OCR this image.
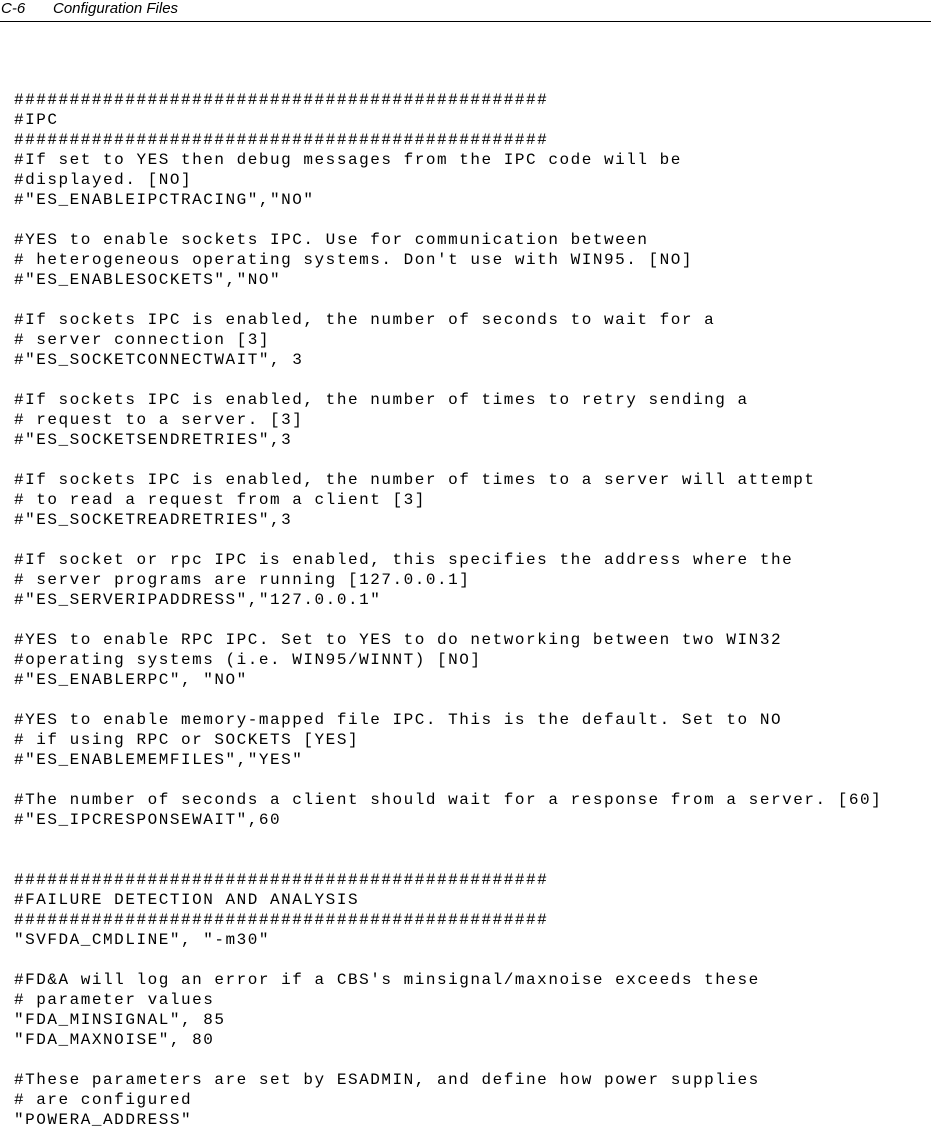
C-6 Configuration Files
################################################
#IPC
################################################
#If set to YES then debug messages from the IPC code will be
#displayed. [NO]
#"ES_ENABLEIPCTRACING","NO"
#YES to enable sockets IPC. Use for communication between
# heterogeneous operating systems. Don't use with WIN95. [NO]
#"ES_ENABLESOCKETS","NO"
#If sockets IPC is enabled, the number of seconds to wait for a
# server connection [3]
#"ES_SOCKETCONNECTWAIT", 3
#If sockets IPC is enabled, the number of times to retry sending a
# request to a server. [3]
#"ES_SOCKETSENDRETRIES",3
#If sockets IPC is enabled, the number of times to a server will attempt
# to read a request from a client [3]
#"ES_SOCKETREADRETRIES",3
#If socket or rpc IPC is enabled, this specifies the address where the
# server programs are running [127.0.0.1]
#"ES_SERVERIPADDRESS","127.0.0.1"
#YES to enable RPC IPC. Set to YES to do networking between two WIN32
#operating systems (i.e. WIN95/WINNT) [NO]
#"ES_ENABLERPC", "NO"
#YES to enable memory-mapped file IPC. This is the default. Set to NO
# if using RPC or SOCKETS [YES]
#"ES_ENABLEMEMFILES","YES"
#The number of seconds a client should wait for a response from a server. [60]
#"ES_IPCRESPONSEWAIT",60
################################################
#FAILURE DETECTION AND ANALYSIS
################################################
"SVFDA_CMDLINE", "-m30"
#FD&A will log an error if a CBS's minsignal/maxnoise exceeds these
# parameter values
"FDA_MINSIGNAL", 85
"FDA_MAXNOISE", 80
#These parameters are set by ESADMIN, and define how power supplies
# are configured
"POWERA_ADDRESS"
